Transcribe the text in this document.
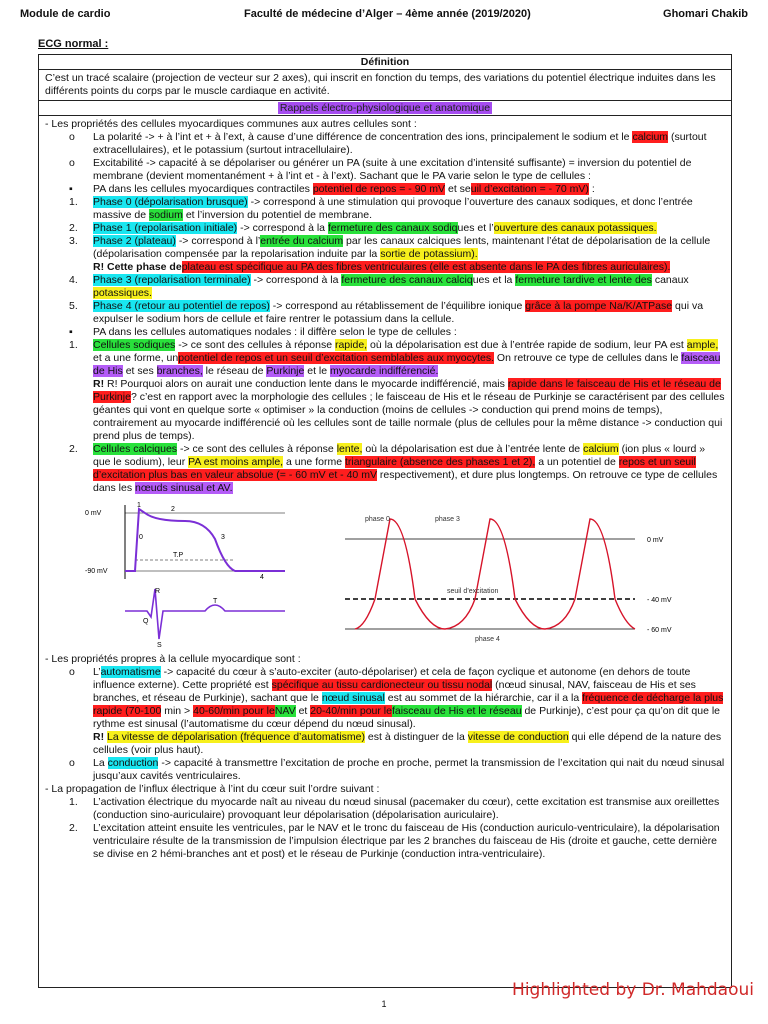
Module de cardio	Faculté de médecine d’Alger – 4ème année (2019/2020)	Ghomari Chakib
ECG normal :
Définition
C’est un tracé scalaire (projection de vecteur sur 2 axes), qui inscrit en fonction du temps, des variations du potentiel électrique induites dans les différents points du corps par le muscle cardiaque en activité.
Rappels électro-physiologique et anatomique

- Les propriétés des cellules myocardiques communes aux autres cellules sont :

o La polarité -> + à l’int et + à l’ext, à cause d’une différence de concentration des ions, principalement le sodium et le calcium (surtout extracellulaires), et le potassium (surtout intracellulaire).

o Excitabilité -> capacité à se dépolariser ou générer un PA (suite à une excitation d’intensité suffisante) = inversion du potentiel de membrane (devient momentanément + à l’int et - à l’ext). Sachant que le PA varie selon le type de cellules :

▪ PA dans les cellules myocardiques contractiles potentiel de repos = - 90 mV et seuil d’excitation = - 70 mV) :

1. Phase 0 (dépolarisation brusque) -> correspond à une stimulation qui provoque l’ouverture des canaux sodiques, et donc l’entrée massive de sodium et l’inversion du potentiel de membrane.

2. Phase 1 (repolarisation initiale) -> correspond à la fermeture des canaux sodiques et l’ouverture des canaux potassiques.

3. Phase 2 (plateau) -> correspond à l’entrée du calcium par les canaux calciques lents, maintenant l’état de dépolarisation de la cellule (dépolarisation compensée par la repolarisation induite par la sortie de potassium).

R! Cette phase deplateau est spécifique au PA des fibres ventriculaires (elle est absente dans le PA des fibres auriculaires).

4. Phase 3 (repolarisation terminale) -> correspond à la fermeture des canaux calciques et la fermeture tardive et lente des canaux potassiques.

5. Phase 4 (retour au potentiel de repos) -> correspond au rétablissement de l’équilibre ionique grâce à la pompe Na/K/ATPase qui va expulser le sodium hors de cellule et faire rentrer le potassium dans la cellule.

▪ PA dans les cellules automatiques nodales : il diffère selon le type de cellules :

1. Cellules sodiques -> ce sont des cellules à réponse rapide, où la dépolarisation est due à l’entrée rapide de sodium, leur PA est ample, et a une forme, unpotentiel de repos et un seuil d’excitation semblables aux myocytes. On retrouve ce type de cellules dans le faisceau de His et ses branches, le réseau de Purkinje et le myocarde indifférencié.

R! R! Pourquoi alors on aurait une conduction lente dans le myocarde indifférencié, mais rapide dans le faisceau de His et le réseau de Purkinje? c’est en rapport avec la morphologie des cellules ; le faisceau de His et le réseau de Purkinje se caractérisent par des cellules géantes qui vont en quelque sorte « optimiser » la conduction (moins de cellules -> conduction qui prend moins de temps), contrairement au myocarde indifférencié où les cellules sont de taille normale (plus de cellules pour la même distance -> conduction qui prend plus de temps).

2. Cellules calciques -> ce sont des cellules à réponse lente, où la dépolarisation est due à l’entrée lente de calcium (ion plus « lourd » que le sodium), leur PA est moins ample, a une forme triangulaire (absence des phases 1 et 2), a un potentiel de repos et un seuil d’excitation plus bas en valeur absolue (= - 60 mV et - 40 mV respectivement), et dure plus longtemps. On retrouve ce type de cellules dans les nœuds sinusal et AV.

0 mV
-90 mV
1
2
0	3
4
T.P
R
T
Q
S
phase 0	phase 3
seuil d’excitation
phase 4
0 mV
- 40 mV
- 60 mV

- Les propriétés propres à la cellule myocardique sont :

o L’automatisme -> capacité du cœur à s’auto-exciter (auto-dépolariser) et cela de façon cyclique et autonome (en dehors de toute influence externe). Cette propriété est spécifique au tissu cardionecteur ou tissu nodal (nœud sinusal, NAV, faisceau de His et ses branches, et réseau de Purkinje), sachant que le nœud sinusal est au sommet de la hiérarchie, car il a la fréquence de décharge la plus rapide (70-100 min > 40-60/min pour leNAV et 20-40/min pour lefaisceau de His et le réseau de Purkinje), c’est pour ça qu’on dit que le rythme est sinusal (l’automatisme du cœur dépend du nœud sinusal).

R! La vitesse de dépolarisation (fréquence d’automatisme) est à distinguer de la vitesse de conduction qui elle dépend de la nature des cellules (voir plus haut).

o La conduction -> capacité à transmettre l’excitation de proche en proche, permet la transmission de l’excitation qui nait du nœud sinusal jusqu’aux cavités ventriculaires.

- La propagation de l’influx électrique à l’int du cœur suit l’ordre suivant :

1. L’activation électrique du myocarde naît au niveau du nœud sinusal (pacemaker du cœur), cette excitation est transmise aux oreillettes (conduction sino-auriculaire) provoquant leur dépolarisation (dépolarisation auriculaire).

2. L’excitation atteint ensuite les ventricules, par le NAV et le tronc du faisceau de His (conduction auriculo-ventriculaire), la dépolarisation ventriculaire résulte de la transmission de l’impulsion électrique par les 2 branches du faisceau de His (droite et gauche, cette dernière se divise en 2 hémi-branches ant et post) et le réseau de Purkinje (conduction intra-ventriculaire).

Highlighted by Dr. Mahdaoui
1
